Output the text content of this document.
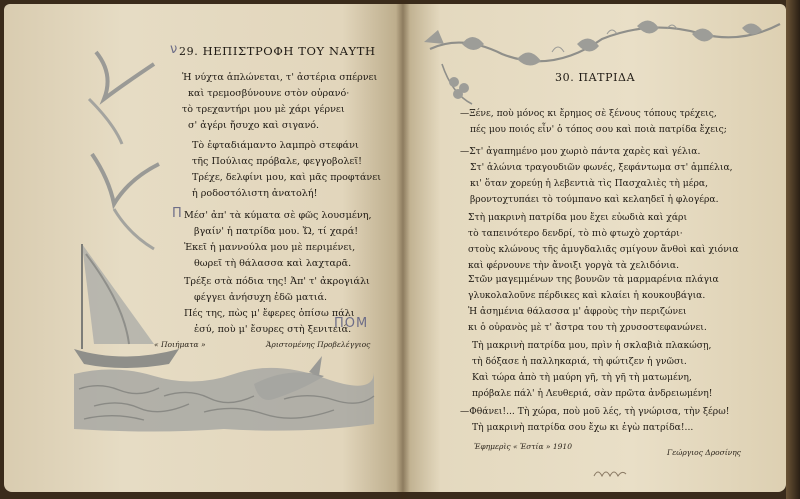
ν 29. ΗΕΠΙΣΤΡΟΦΗ ΤΟΥ ΝΑΥΤΗ
Ἡ νύχτα ἁπλώνεται, τ' ἀστέρια σπέρνει
καὶ τρεμοσβύνουνε στὸν οὐρανό·
τὸ τρεχαντήρι μου μὲ χάρι γέρνει
σ' ἀγέρι ἤσυχο καὶ σιγανό.
Τὸ ἐφταδιάμαντο λαμπρὸ στεφάνι
τῆς Πούλιας πρόβαλε, φεγγοβολεῖ!
Τρέχε, δελφίνι μου, καὶ μᾶς προφτάνει
ἡ ροδοστόλιστη ἀνατολή!
Π Μέσ' ἀπ' τὰ κύματα σὲ φῶς λουσμένη,
βγαίν' ἡ πατρίδα μου. Ὤ, τί χαρά!
Ἐκεῖ ἡ μαννούλα μου μὲ περιμένει,
θωρεῖ τὴ θάλασσα καὶ λαχταρᾶ.
Τρέξε στὰ πόδια της! Ἀπ' τ' ἀκρογιάλι
φέγγει ἀνήσυχη ἐδῶ ματιά.
Πές της, πὼς μ' ἔφερες ὀπίσω πάλι
ἐσύ, ποὺ μ' ἔσυρες στὴ ξενιτειά.
ΠΟΜ
« Ποιήματα »	Ἀριστομένης Προβελέγγιος
30. ΠΑΤΡΙΔΑ
—Ξένε, ποὺ μόνος κι ἔρημος σὲ ξένους τόπους τρέχεις,
πές μου ποιός εἶν' ὁ τόπος σου καὶ ποιὰ πατρίδα ἔχεις;
—Στ' ἀγαπημένο μου χωριὸ πάντα χαρὲς καὶ γέλια.
Στ' ἁλώνια τραγουδιῶν φωνές, ξεφάντωμα στ' ἀμπέλια,
κι' ὅταν χορεύῃ ἡ λεβεντιὰ τὶς Πασχαλιὲς τὴ μέρα,
βροντοχτυπάει τὸ τούμπανο καὶ κελαηδεῖ ἡ φλογέρα.
Στὴ μακρινὴ πατρίδα μου ἔχει εὐωδιὰ καὶ χάρι
τὸ ταπεινότερο δενδρί, τὸ πιὸ φτωχὸ χορτάρι·
στοὺς κλώνους τῆς ἀμυγδαλιᾶς σμίγουν ἄνθοὶ καὶ χιόνια
καὶ φέρνουνε τὴν ἄνοιξι γοργὰ τὰ χελιδόνια.
Στῶν μαγεμμένων της βουνῶν τὰ μαρμαρένια πλάγια
γλυκολαλοῦνε πέρδικες καὶ κλαίει ἡ κουκουβάγια.
Ἡ ἀσημένια θάλασσα μ' ἀφροὺς τὴν περιζώνει
κι ὁ οὐρανὸς μὲ τ' ἄστρα του τὴ χρυσοστεφανώνει.
Τὴ μακρινὴ πατρίδα μου, πρὶν ἡ σκλαβιὰ πλακώσῃ,
τὴ δόξασε ἡ παλληκαριά, τὴ φώτιζεν ἡ γνῶσι.
Καὶ τώρα ἀπὸ τὴ μαύρη γῆ, τὴ γῆ τὴ ματωμένη,
πρόβαλε πάλ' ἡ Λευθεριά, σὰν πρῶτα ἀνδρειωμένη!
—Φθάνει!... Τὴ χώρα, ποὺ μοῦ λές, τὴ γνώρισα, τὴν ξέρω!
Τὴ μακρινὴ πατρίδα σου ἔχω κι ἐγὼ πατρίδα!...
Ἐφημερὶς « Ἑστία » 1910
Γεώργιος Δροσίνης
